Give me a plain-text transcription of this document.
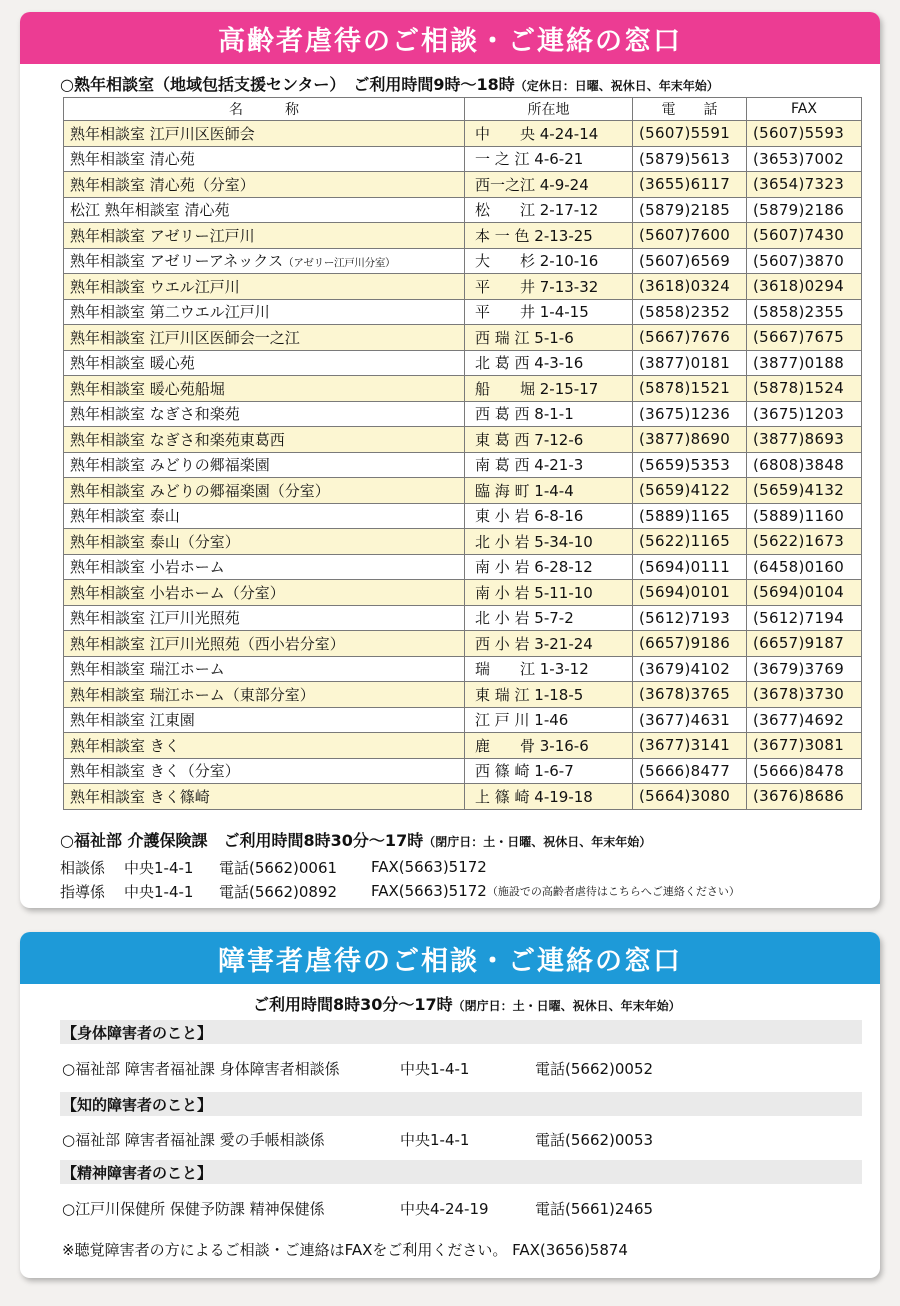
高齢者虐待のご相談・ご連絡の窓口
○熟年相談室（地域包括支援センター）　ご利用時間9時～18時（定休日：日曜、祝休日、年末年始）
名　　　称	所在地	電　　話	FAX
熟年相談室 江戸川区医師会	中　　央 4-24-14	(5607)5591	(5607)5593
熟年相談室 清心苑	一 之 江 4-6-21	(5879)5613	(3653)7002
熟年相談室 清心苑（分室）	西一之江 4-9-24	(3655)6117	(3654)7323
松江 熟年相談室 清心苑	松　　江 2-17-12	(5879)2185	(5879)2186
熟年相談室 アゼリー江戸川	本 一 色 2-13-25	(5607)7600	(5607)7430
熟年相談室 アゼリーアネックス（アゼリー江戸川分室）	大　　杉 2-10-16	(5607)6569	(5607)3870
熟年相談室 ウエル江戸川	平　　井 7-13-32	(3618)0324	(3618)0294
熟年相談室 第二ウエル江戸川	平　　井 1-4-15	(5858)2352	(5858)2355
熟年相談室 江戸川区医師会一之江	西 瑞 江 5-1-6	(5667)7676	(5667)7675
熟年相談室 暖心苑	北 葛 西 4-3-16	(3877)0181	(3877)0188
熟年相談室 暖心苑船堀	船　　堀 2-15-17	(5878)1521	(5878)1524
熟年相談室 なぎさ和楽苑	西 葛 西 8-1-1	(3675)1236	(3675)1203
熟年相談室 なぎさ和楽苑東葛西	東 葛 西 7-12-6	(3877)8690	(3877)8693
熟年相談室 みどりの郷福楽園	南 葛 西 4-21-3	(5659)5353	(6808)3848
熟年相談室 みどりの郷福楽園（分室）	臨 海 町 1-4-4	(5659)4122	(5659)4132
熟年相談室 泰山	東 小 岩 6-8-16	(5889)1165	(5889)1160
熟年相談室 泰山（分室）	北 小 岩 5-34-10	(5622)1165	(5622)1673
熟年相談室 小岩ホーム	南 小 岩 6-28-12	(5694)0111	(6458)0160
熟年相談室 小岩ホーム（分室）	南 小 岩 5-11-10	(5694)0101	(5694)0104
熟年相談室 江戸川光照苑	北 小 岩 5-7-2	(5612)7193	(5612)7194
熟年相談室 江戸川光照苑（西小岩分室）	西 小 岩 3-21-24	(6657)9186	(6657)9187
熟年相談室 瑞江ホーム	瑞　　江 1-3-12	(3679)4102	(3679)3769
熟年相談室 瑞江ホーム（東部分室）	東 瑞 江 1-18-5	(3678)3765	(3678)3730
熟年相談室 江東園	江 戸 川 1-46	(3677)4631	(3677)4692
熟年相談室 きく	鹿　　骨 3-16-6	(3677)3141	(3677)3081
熟年相談室 きく（分室）	西 篠 崎 1-6-7	(5666)8477	(5666)8478
熟年相談室 きく篠崎	上 篠 崎 4-19-18	(5664)3080	(3676)8686
○福祉部 介護保険課　ご利用時間8時30分～17時（閉庁日：土・日曜、祝休日、年末年始）
相談係	中央1-4-1	電話(5662)0061	FAX(5663)5172
指導係	中央1-4-1	電話(5662)0892	FAX(5663)5172 （施設での高齢者虐待はこちらへご連絡ください）
障害者虐待のご相談・ご連絡の窓口
ご利用時間8時30分～17時（閉庁日：土・日曜、祝休日、年末年始）
【身体障害者のこと】
○福祉部 障害者福祉課 身体障害者相談係	中央1-4-1	電話(5662)0052
【知的障害者のこと】
○福祉部 障害者福祉課 愛の手帳相談係	中央1-4-1	電話(5662)0053
【精神障害者のこと】
○江戸川保健所 保健予防課 精神保健係	中央4-24-19	電話(5661)2465
※聴覚障害者の方によるご相談・ご連絡はFAXをご利用ください。 FAX(3656)5874
